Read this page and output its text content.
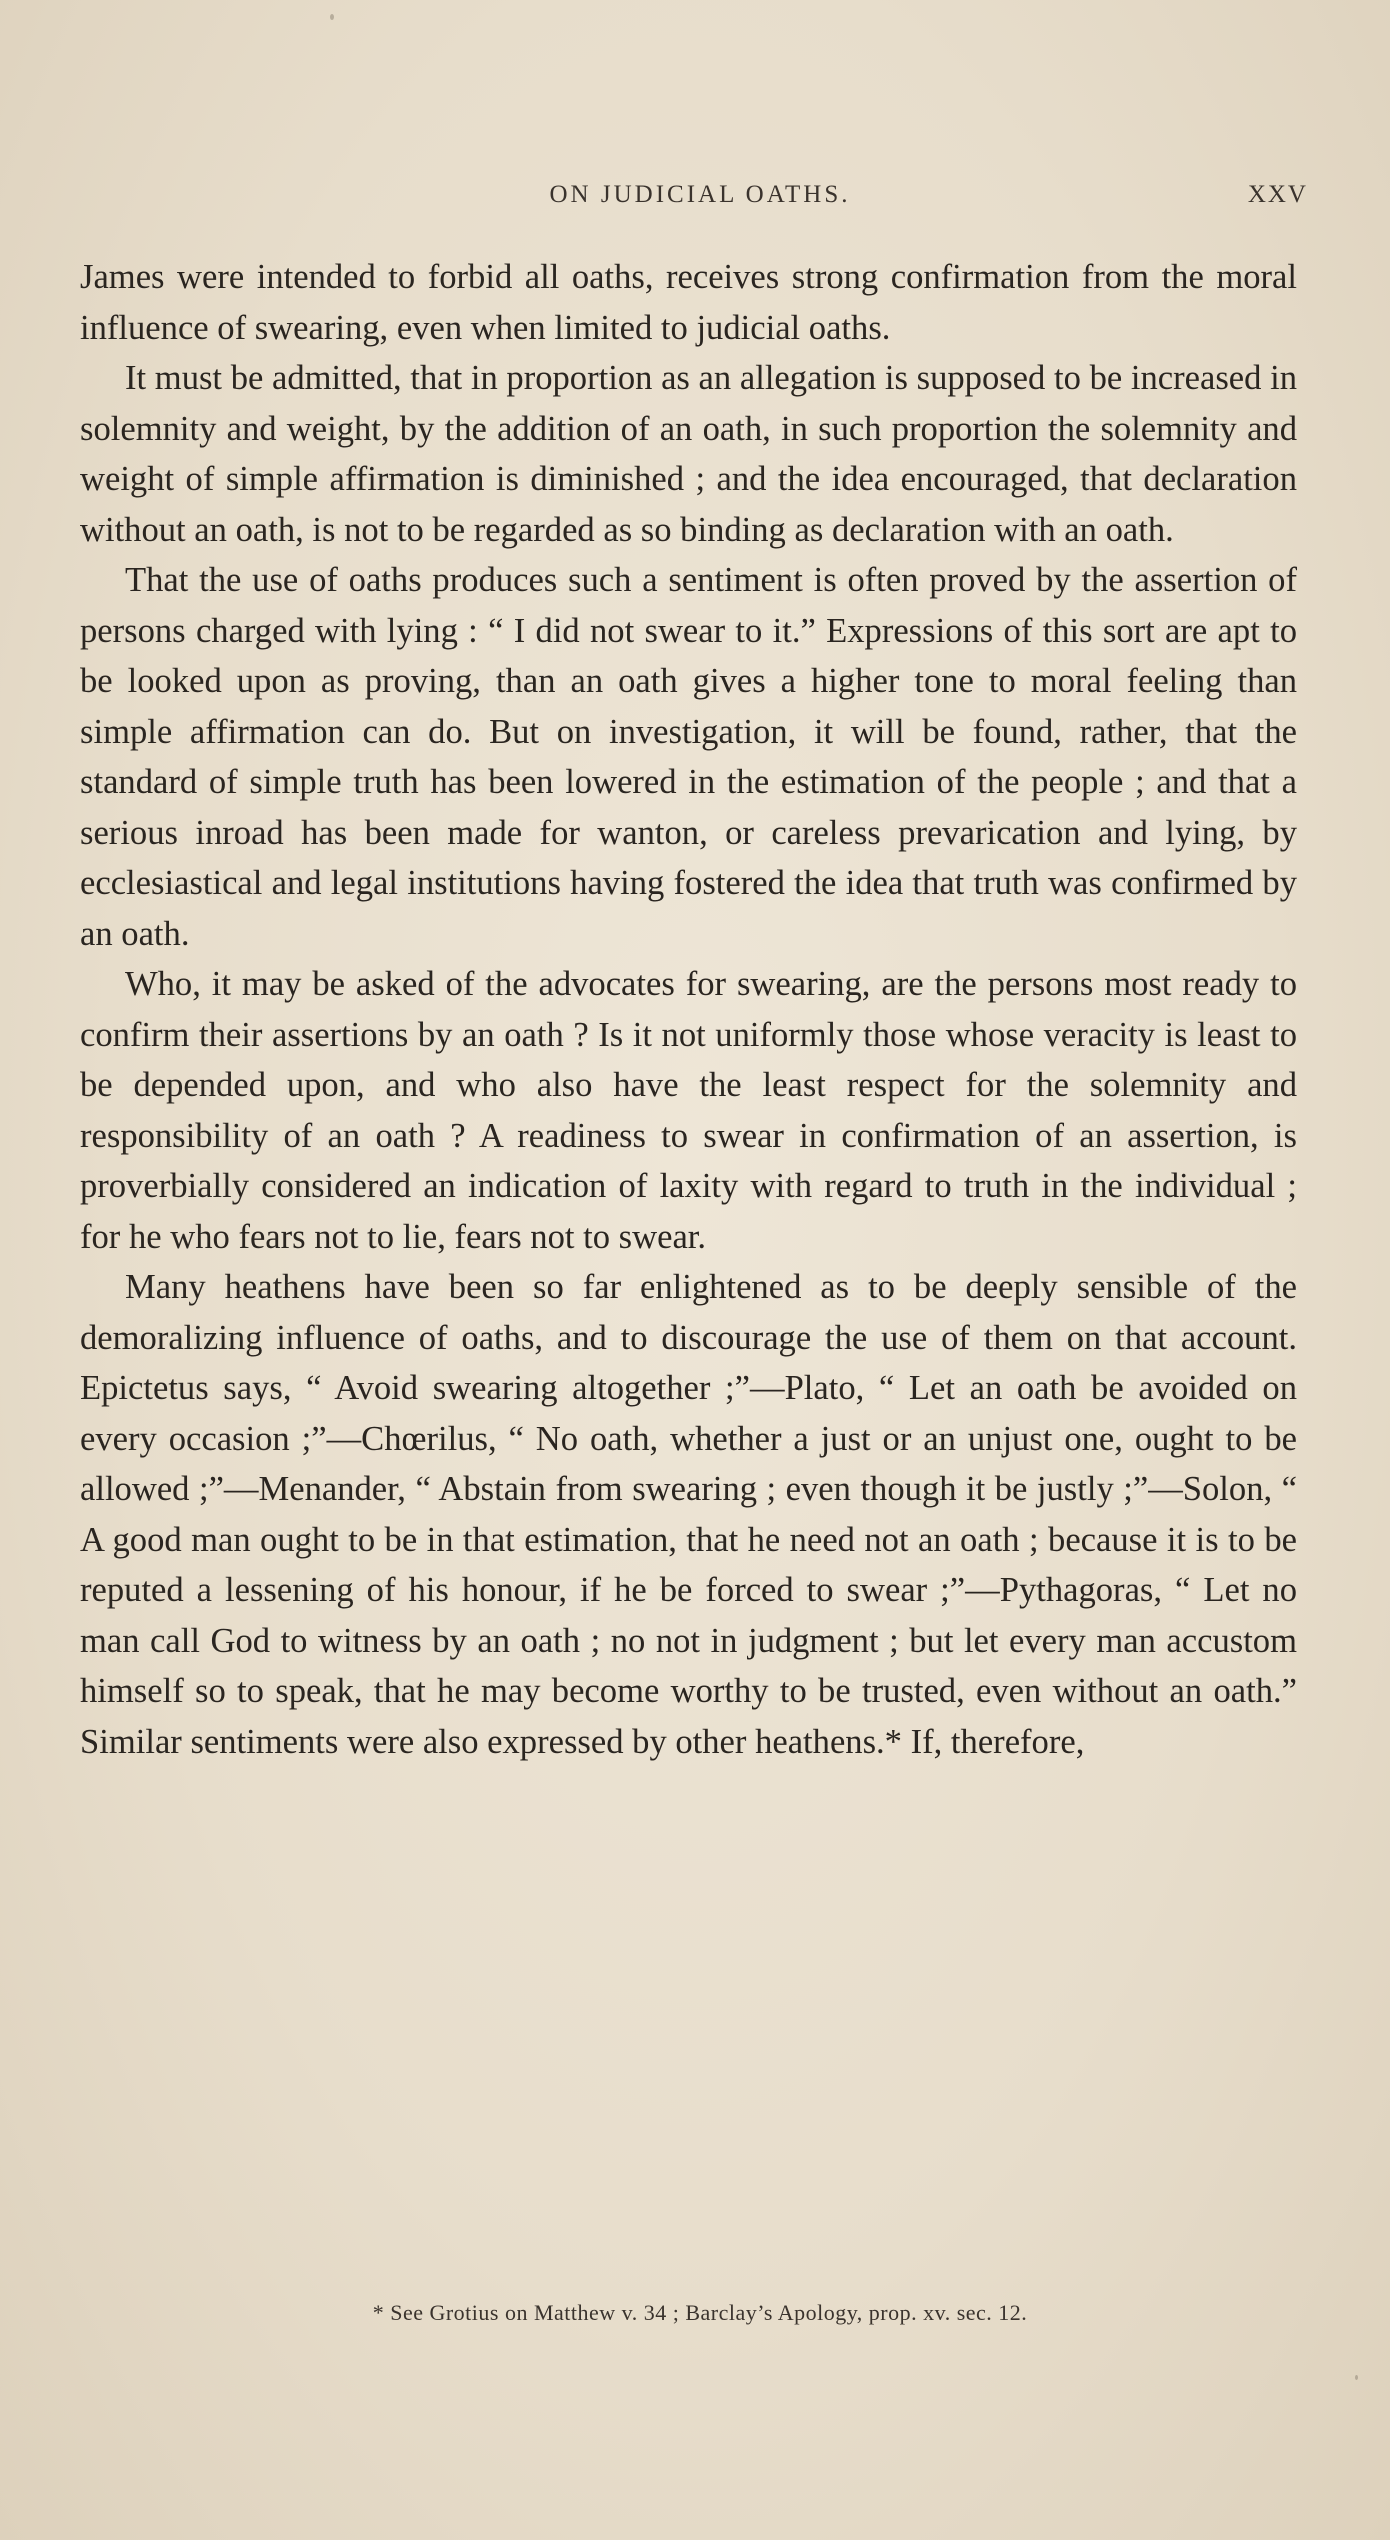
ON JUDICIAL OATHS.	XXV

James were intended to forbid all oaths, receives strong confirmation from the moral influence of swearing, even when limited to judicial oaths.

It must be admitted, that in proportion as an allegation is supposed to be increased in solemnity and weight, by the addition of an oath, in such proportion the solemnity and weight of simple affirmation is diminished ; and the idea encouraged, that declaration without an oath, is not to be regarded as so binding as declaration with an oath.

That the use of oaths produces such a sentiment is often proved by the assertion of persons charged with lying : “ I did not swear to it.” Expressions of this sort are apt to be looked upon as proving, than an oath gives a higher tone to moral feeling than simple affirmation can do. But on investigation, it will be found, rather, that the standard of simple truth has been lowered in the estimation of the people ; and that a serious inroad has been made for wanton, or careless prevarication and lying, by ecclesiastical and legal institutions having fostered the idea that truth was confirmed by an oath.

Who, it may be asked of the advocates for swearing, are the persons most ready to confirm their assertions by an oath ? Is it not uniformly those whose veracity is least to be depended upon, and who also have the least respect for the solemnity and responsibility of an oath ? A readiness to swear in confirmation of an assertion, is proverbially considered an indication of laxity with regard to truth in the individual ; for he who fears not to lie, fears not to swear.

Many heathens have been so far enlightened as to be deeply sensible of the demoralizing influence of oaths, and to discourage the use of them on that account. Epictetus says, “ Avoid swearing altogether ;”—Plato, “ Let an oath be avoided on every occasion ;”—Chœrilus, “ No oath, whether a just or an unjust one, ought to be allowed ;”—Menander, “ Abstain from swearing ; even though it be justly ;”—Solon, “ A good man ought to be in that estimation, that he need not an oath ; because it is to be reputed a lessening of his honour, if he be forced to swear ;”—Pythagoras, “ Let no man call God to witness by an oath ; no not in judgment ; but let every man accustom himself so to speak, that he may become worthy to be trusted, even without an oath.” Similar sentiments were also expressed by other heathens.* If, therefore,

* See Grotius on Matthew v. 34 ; Barclay’s Apology, prop. xv. sec. 12.
